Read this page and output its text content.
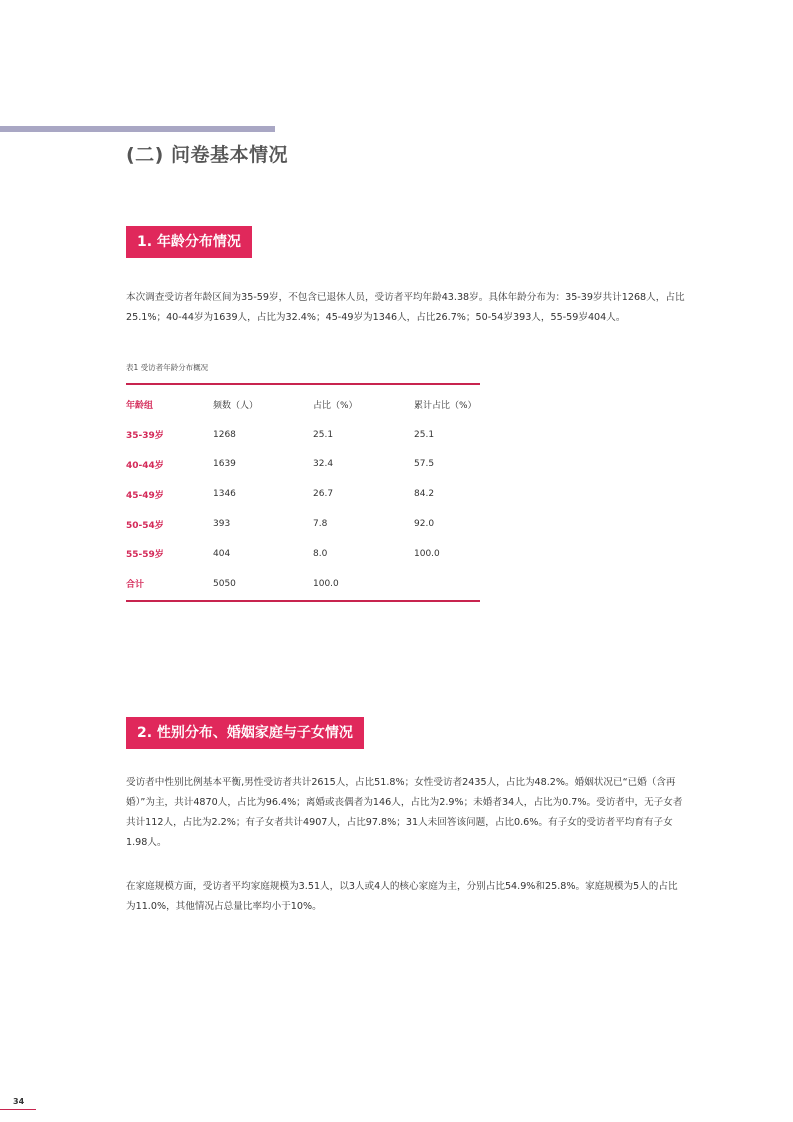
(二) 问卷基本情况
1. 年龄分布情况

本次调查受访者年龄区间为35-59岁，不包含已退休人员，受访者平均年龄43.38岁。具体年龄分布为：35-39岁共计1268人，占比25.1%；40-44岁为1639人，占比为32.4%；45-49岁为1346人，占比26.7%；50-54岁393人，55-59岁404人。

表1 受访者年龄分布概况
年龄组	频数（人）	占比（%）	累计占比（%）
35-39岁	1268	25.1	25.1
40-44岁	1639	32.4	57.5
45-49岁	1346	26.7	84.2
50-54岁	393	7.8	92.0
55-59岁	404	8.0	100.0
合计	5050	100.0	
2. 性别分布、婚姻家庭与子女情况

受访者中性别比例基本平衡,男性受访者共计2615人，占比51.8%；女性受访者2435人，占比为48.2%。婚姻状况已“已婚（含再婚）”为主，共计4870人，占比为96.4%；离婚或丧偶者为146人，占比为2.9%；未婚者34人，占比为0.7%。受访者中，无子女者共计112人，占比为2.2%；有子女者共计4907人，占比97.8%；31人未回答该问题，占比0.6%。有子女的受访者平均育有子女1.98人。

在家庭规模方面，受访者平均家庭规模为3.51人，以3人或4人的核心家庭为主，分别占比54.9%和25.8%。家庭规模为5人的占比为11.0%，其他情况占总量比率均小于10%。

34
